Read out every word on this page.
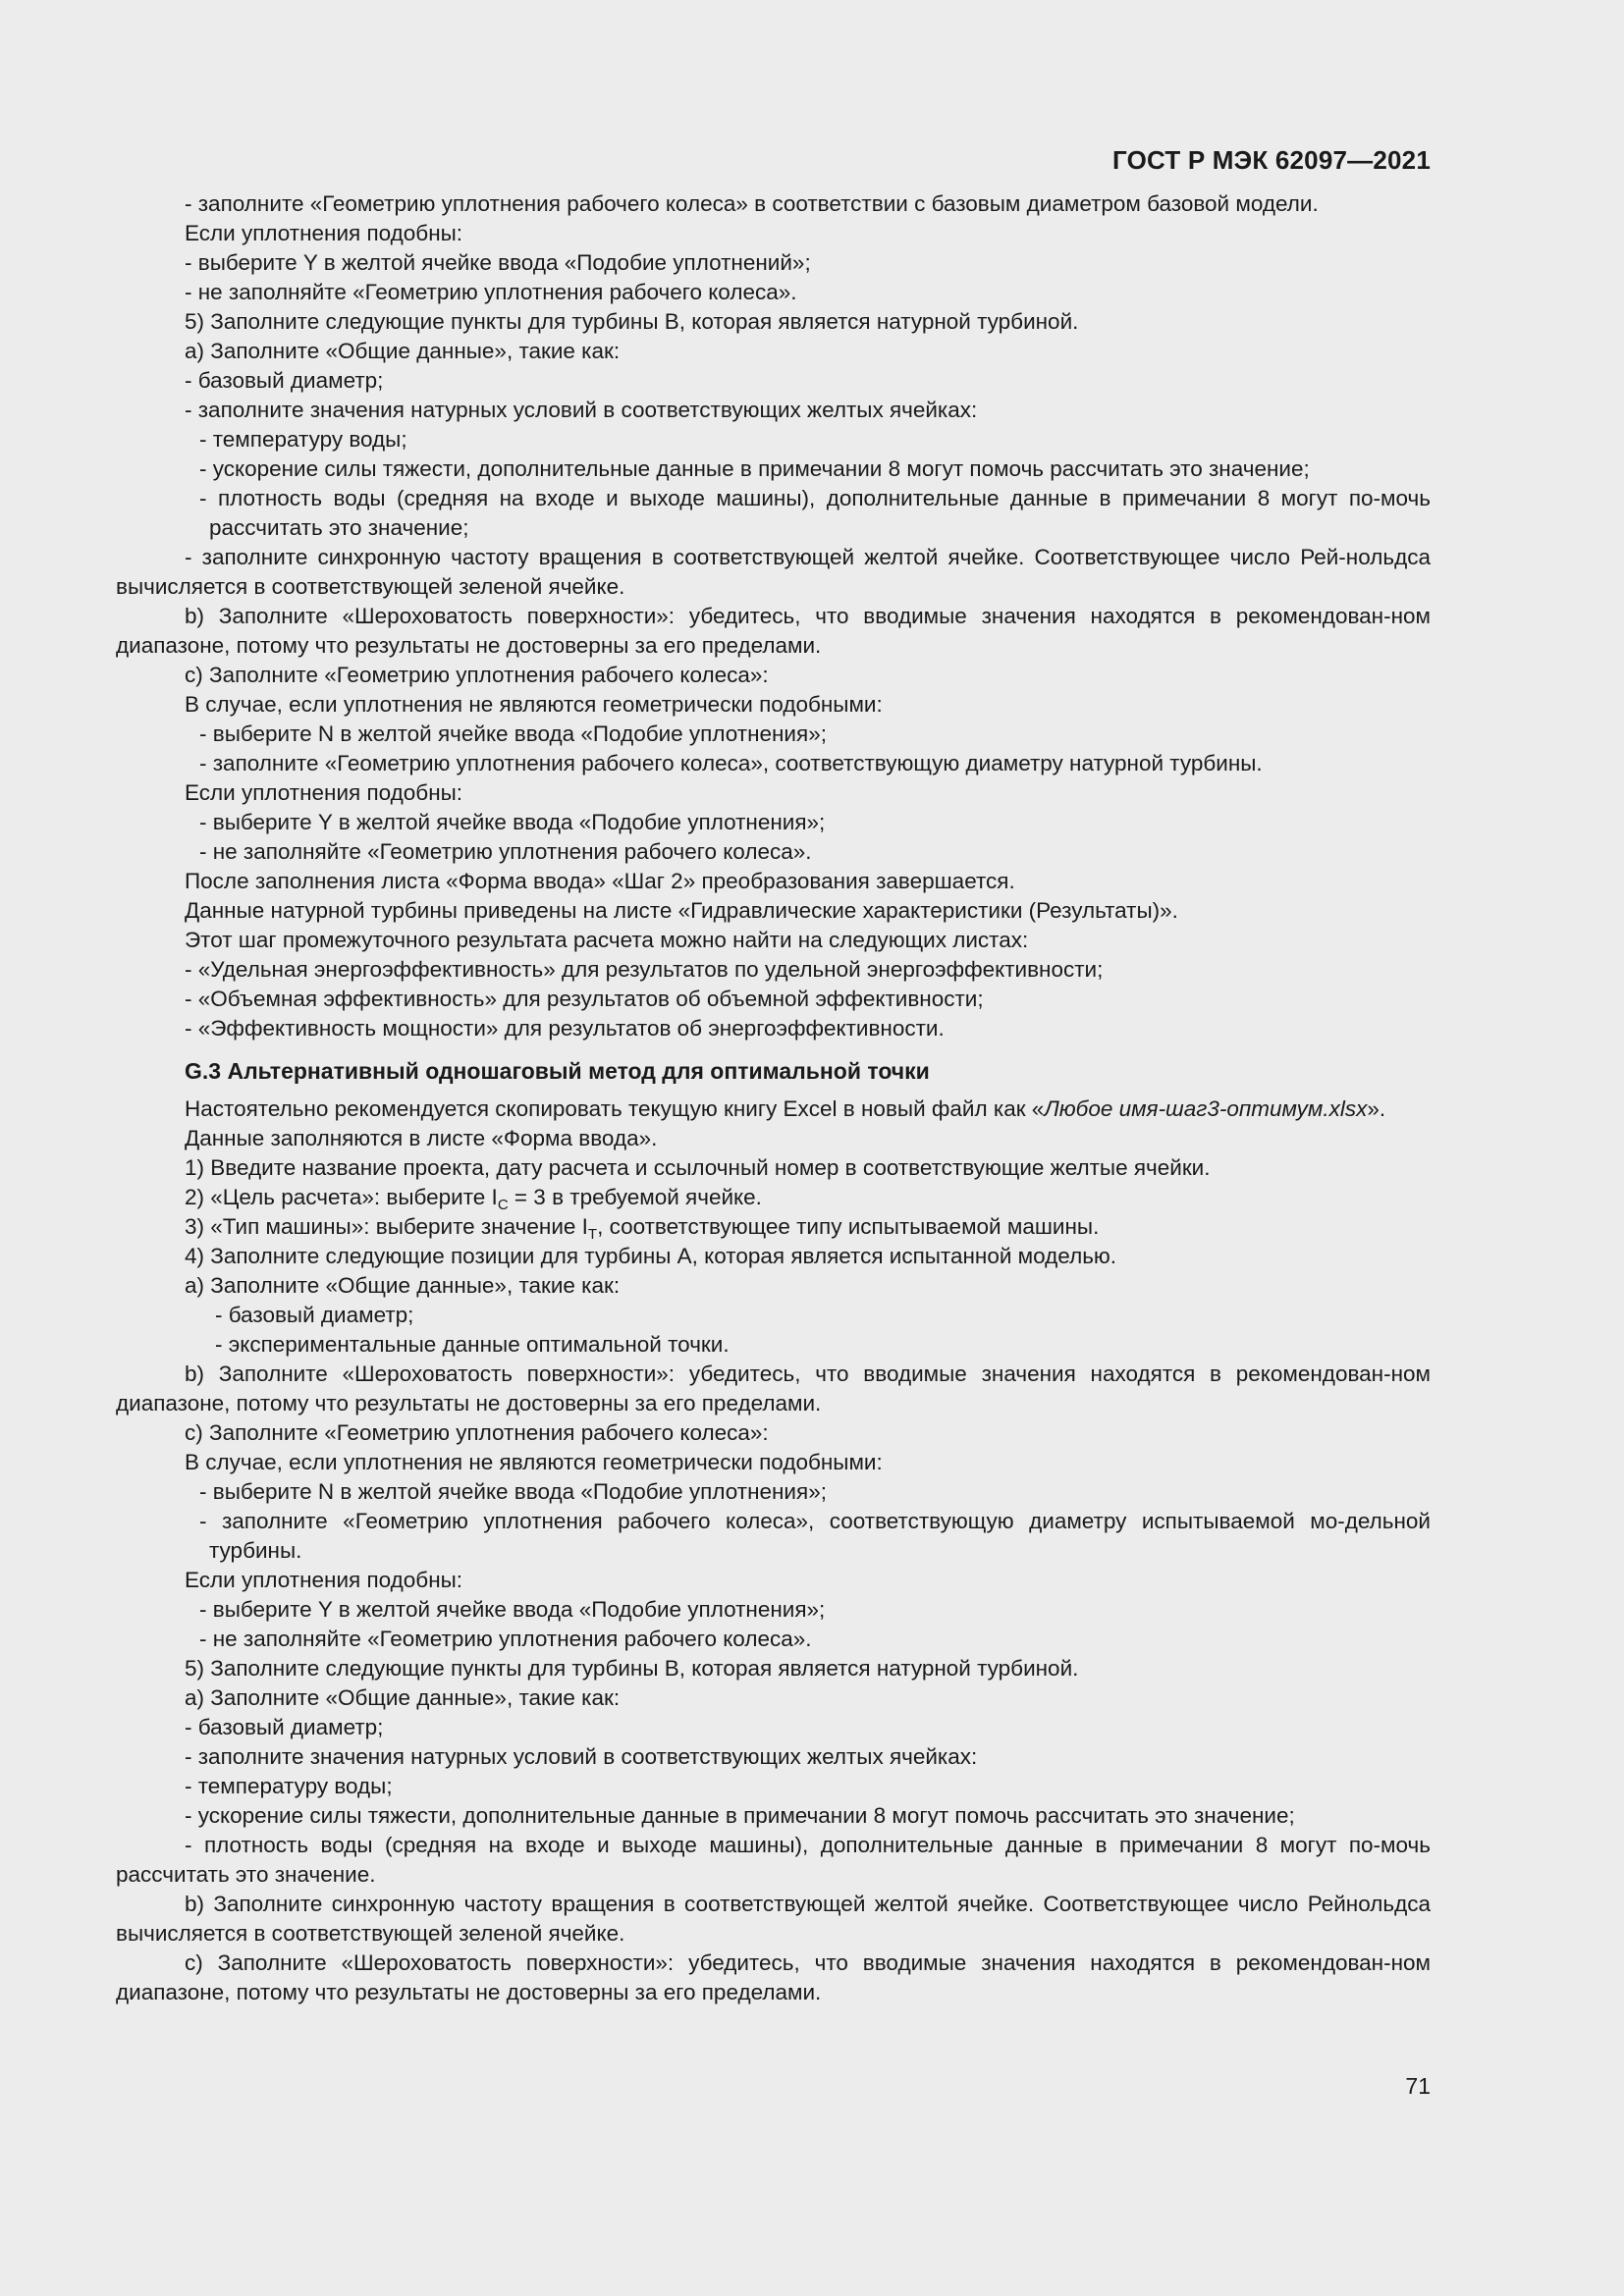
ГОСТ Р МЭК 62097—2021

- заполните «Геометрию уплотнения рабочего колеса» в соответствии с базовым диаметром базовой модели.

Если уплотнения подобны:

- выберите Y в желтой ячейке ввода «Подобие уплотнений»;

- не заполняйте «Геометрию уплотнения рабочего колеса».

5) Заполните следующие пункты для турбины B, которая является натурной турбиной.

a) Заполните «Общие данные», такие как:

- базовый диаметр;

- заполните значения натурных условий в соответствующих желтых ячейках:

- температуру воды;

- ускорение силы тяжести, дополнительные данные в примечании 8 могут помочь рассчитать это значение;

- плотность воды (средняя на входе и выходе машины), дополнительные данные в примечании 8 могут по-мочь рассчитать это значение;

- заполните синхронную частоту вращения в соответствующей желтой ячейке. Соответствующее число Рей-нольдса вычисляется в соответствующей зеленой ячейке.

b) Заполните «Шероховатость поверхности»: убедитесь, что вводимые значения находятся в рекомендован-ном диапазоне, потому что результаты не достоверны за его пределами.

c) Заполните «Геометрию уплотнения рабочего колеса»:

В случае, если уплотнения не являются геометрически подобными:

- выберите N в желтой ячейке ввода «Подобие уплотнения»;

- заполните «Геометрию уплотнения рабочего колеса», соответствующую диаметру натурной турбины.

Если уплотнения подобны:

- выберите Y в желтой ячейке ввода «Подобие уплотнения»;

- не заполняйте «Геометрию уплотнения рабочего колеса».

После заполнения листа «Форма ввода» «Шаг 2» преобразования завершается.

Данные натурной турбины приведены на листе «Гидравлические характеристики (Результаты)».

Этот шаг промежуточного результата расчета можно найти на следующих листах:

- «Удельная энергоэффективность» для результатов по удельной энергоэффективности;

- «Объемная эффективность» для результатов об объемной эффективности;

- «Эффективность мощности» для результатов об энергоэффективности.

G.3 Альтернативный одношаговый метод для оптимальной точки

Настоятельно рекомендуется скопировать текущую книгу Excel в новый файл как «Любое имя-шаг3-оптимум.xlsx».

Данные заполняются в листе «Форма ввода».

1) Введите название проекта, дату расчета и ссылочный номер в соответствующие желтые ячейки.

2) «Цель расчета»: выберите $I_C = 3$ в требуемой ячейке.

3) «Тип машины»: выберите значение $I_T$, соответствующее типу испытываемой машины.

4) Заполните следующие позиции для турбины A, которая является испытанной моделью.

a) Заполните «Общие данные», такие как:

- базовый диаметр;

- экспериментальные данные оптимальной точки.

b) Заполните «Шероховатость поверхности»: убедитесь, что вводимые значения находятся в рекомендован-ном диапазоне, потому что результаты не достоверны за его пределами.

c) Заполните «Геометрию уплотнения рабочего колеса»:

В случае, если уплотнения не являются геометрически подобными:

- выберите N в желтой ячейке ввода «Подобие уплотнения»;

- заполните «Геометрию уплотнения рабочего колеса», соответствующую диаметру испытываемой мо-дельной турбины.

Если уплотнения подобны:

- выберите Y в желтой ячейке ввода «Подобие уплотнения»;

- не заполняйте «Геометрию уплотнения рабочего колеса».

5) Заполните следующие пункты для турбины B, которая является натурной турбиной.

a) Заполните «Общие данные», такие как:

- базовый диаметр;

- заполните значения натурных условий в соответствующих желтых ячейках:

- температуру воды;

- ускорение силы тяжести, дополнительные данные в примечании 8 могут помочь рассчитать это значение;

- плотность воды (средняя на входе и выходе машины), дополнительные данные в примечании 8 могут по-мочь рассчитать это значение.

b) Заполните синхронную частоту вращения в соответствующей желтой ячейке. Соответствующее число Рейнольдса вычисляется в соответствующей зеленой ячейке.

c) Заполните «Шероховатость поверхности»: убедитесь, что вводимые значения находятся в рекомендован-ном диапазоне, потому что результаты не достоверны за его пределами.

71
